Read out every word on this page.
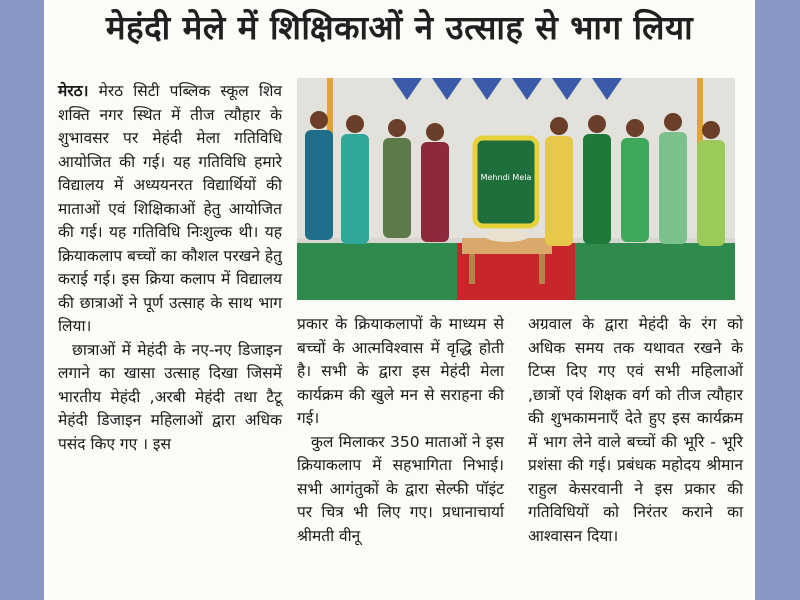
मेहंदी मेले में शिक्षिकाओं ने उत्साह से भाग लिया

मेरठ। मेरठ सिटी पब्लिक स्कूल शिव शक्ति नगर स्थित में तीज त्यौहार के शुभावसर पर मेहंदी मेला गतिविधि आयोजित की गई। यह गतिविधि हमारे विद्यालय में अध्ययनरत विद्यार्थियों की माताओं एवं शिक्षिकाओं हेतु आयोजित की गई। यह गतिविधि निःशुल्क थी। यह क्रियाकलाप बच्चों का कौशल परखने हेतु कराई गई। इस क्रिया कलाप में विद्यालय की छात्राओं ने पूर्ण उत्साह के साथ भाग लिया।

छात्राओं में मेहंदी के नए-नए डिजाइन लगाने का खासा उत्साह दिखा जिसमें भारतीय मेहंदी ,अरबी मेहंदी तथा टैटू मेहंदी डिजाइन महिलाओं द्वारा अधिक पसंद किए गए । इस

Mehndi Mela

प्रकार के क्रियाकलापों के माध्यम से बच्चों के आत्मविश्वास में वृद्धि होती है। सभी के द्वारा इस मेहंदी मेला कार्यक्रम की खुले मन से सराहना की गई।

कुल मिलाकर 350 माताओं ने इस क्रियाकलाप में सहभागिता निभाई। सभी आगंतुकों के द्वारा सेल्फी पॉइंट पर चित्र भी लिए गए। प्रधानाचार्या श्रीमती वीनू

अग्रवाल के द्वारा मेहंदी के रंग को अधिक समय तक यथावत रखने के टिप्स दिए गए एवं सभी महिलाओं ,छात्रों एवं शिक्षक वर्ग को तीज त्यौहार की शुभकामनाएँ देते हुए इस कार्यक्रम में भाग लेने वाले बच्चों की भूरि - भूरि प्रशंसा की गई। प्रबंधक महोदय श्रीमान राहुल केसरवानी ने इस प्रकार की गतिविधियों को निरंतर कराने का आश्वासन दिया।
